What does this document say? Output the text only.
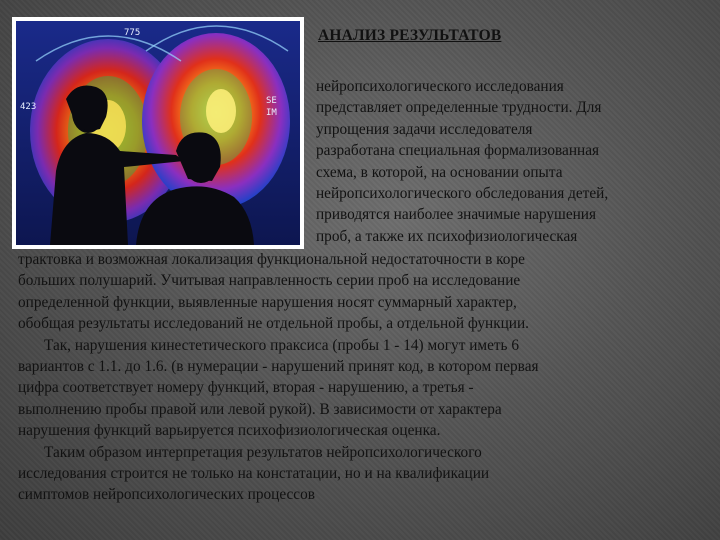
775
423
SE
IM
АНАЛИЗ РЕЗУЛЬТАТОВ

нейропсихологического исследования
представляет определенные трудности. Для
упрощения задачи исследователя
разработана специальная формализованная
схема, в которой, на основании опыта
нейропсихологического обследования детей,
приводятся наиболее значимые нарушения
проб, а также их психофизиологическая

трактовка и возможная локализация функциональной недостаточности в коре
больших полушарий. Учитывая направленность серии проб на исследование
определенной функции, выявленные нарушения носят суммарный характер,
обобщая результаты исследований не отдельной пробы, а отдельной функции.
Так, нарушения кинестетического праксиса (пробы 1 - 14) могут иметь 6
вариантов с 1.1. до 1.6. (в нумерации - нарушений принят код, в котором первая
цифра соответствует номеру функций, вторая - нарушению, а третья -
выполнению пробы правой или левой рукой). В зависимости от характера
нарушения функций варьируется психофизиологическая оценка.
Таким образом интерпретация результатов нейропсихологического
исследования строится не только на констатации, но и на квалификации
симптомов нейропсихологических процессов
